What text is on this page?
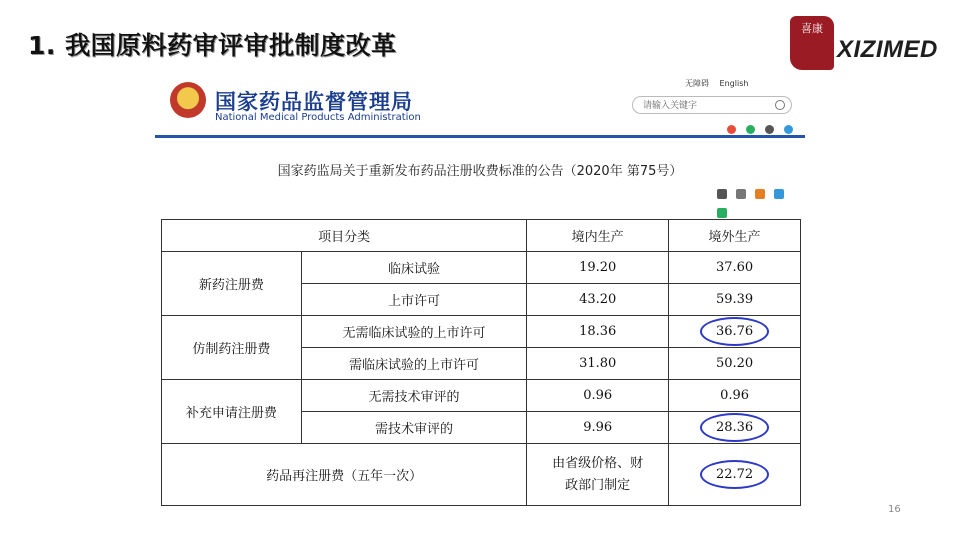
1. 我国原料药审评审批制度改革
喜康
XIZIMED
国家药品监督管理局
National Medical Products Administration
无障碍 English
请输入关键字

国家药监局关于重新发布药品注册收费标准的公告（2020年 第75号）

项目分类		境内生产	境外生产
新药注册费	临床试验	19.20	37.60
	上市许可	43.20	59.39
仿制药注册费	无需临床试验的上市许可	18.36	36.76
	需临床试验的上市许可	31.80	50.20
补充申请注册费	无需技术审评的	0.96	0.96
	需技术审评的	9.96	28.36
药品再注册费（五年一次）		由省级价格、财政部门制定	22.72
16
